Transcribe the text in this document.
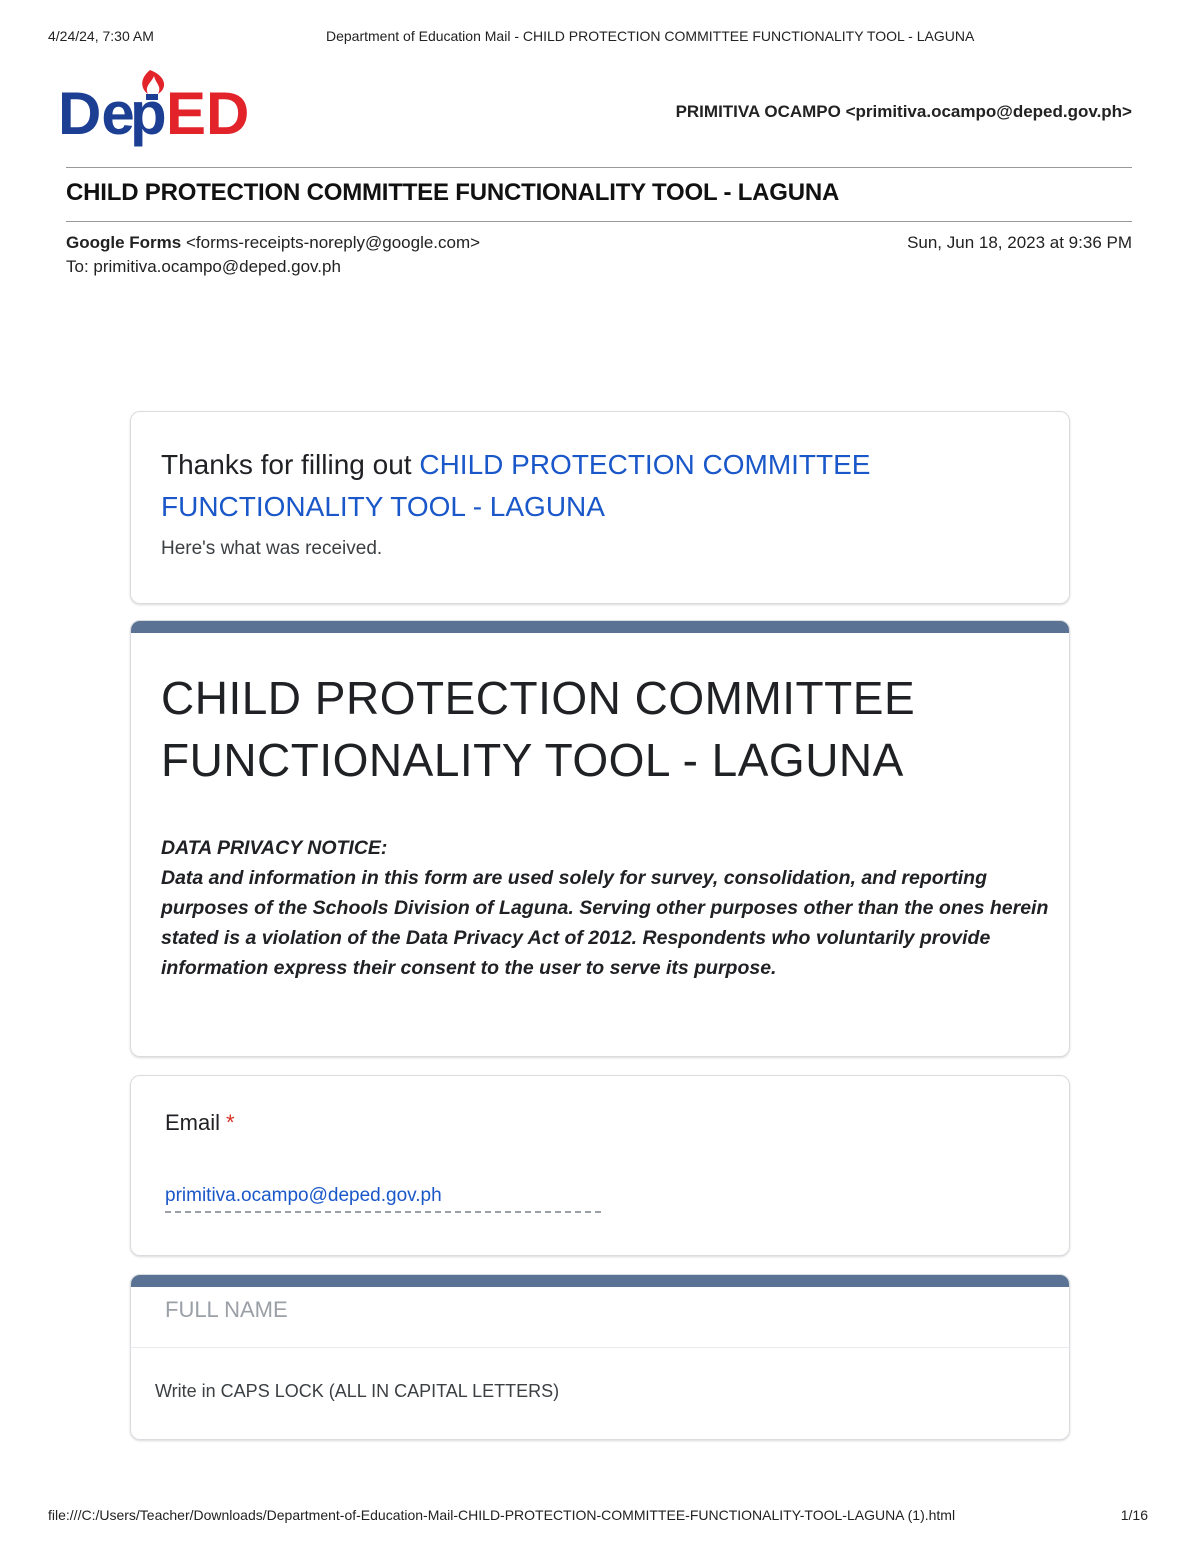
4/24/24, 7:30 AM	Department of Education Mail - CHILD PROTECTION COMMITTEE FUNCTIONALITY TOOL - LAGUNA
De
p ED	PRIMITIVA OCAMPO <primitiva.ocampo@deped.gov.ph>
CHILD PROTECTION COMMITTEE FUNCTIONALITY TOOL - LAGUNA
Google Forms <forms-receipts-noreply@google.com>
To: primitiva.ocampo@deped.gov.ph
Sun, Jun 18, 2023 at 9:36 PM
Thanks for filling out CHILD PROTECTION COMMITTEE FUNCTIONALITY TOOL - LAGUNA
Here's what was received.
CHILD PROTECTION COMMITTEE FUNCTIONALITY TOOL - LAGUNA
DATA PRIVACY NOTICE:
Data and information in this form are used solely for survey, consolidation, and reporting purposes of the Schools Division of Laguna. Serving other purposes other than the ones herein stated is a violation of the Data Privacy Act of 2012. Respondents who voluntarily provide information express their consent to the user to serve its purpose.
Email *
primitiva.ocampo@deped.gov.ph
FULL NAME
Write in CAPS LOCK (ALL IN CAPITAL LETTERS)
file:///C:/Users/Teacher/Downloads/Department-of-Education-Mail-CHILD-PROTECTION-COMMITTEE-FUNCTIONALITY-TOOL-LAGUNA (1).html	1/16
